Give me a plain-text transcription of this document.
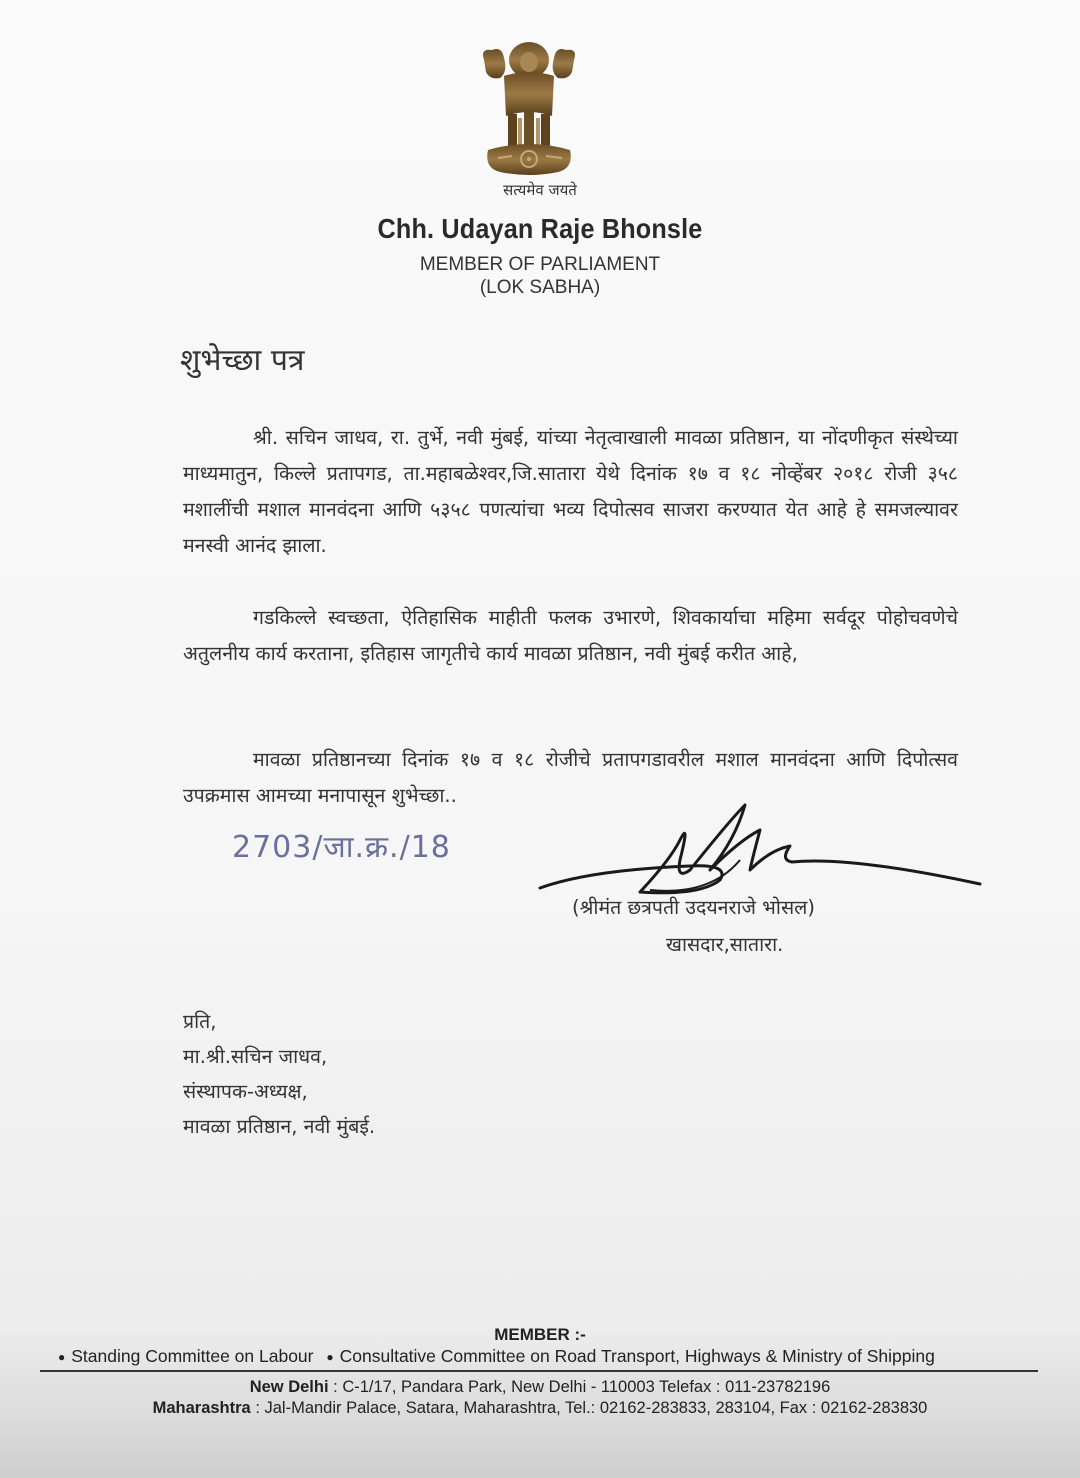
सत्यमेव जयते
Chh. Udayan Raje Bhonsle
MEMBER OF PARLIAMENT
(LOK SABHA)
शुभेच्छा पत्र
श्री. सचिन जाधव, रा. तुर्भे, नवी मुंबई, यांच्या नेतृत्वाखाली मावळा प्रतिष्ठान, या नोंदणीकृत संस्थेच्या माध्यमातुन, किल्ले प्रतापगड, ता.महाबळेश्वर,जि.सातारा येथे दिनांक १७ व १८ नोव्हेंबर २०१८ रोजी ३५८ मशालींची मशाल मानवंदना आणि ५३५८ पणत्यांचा भव्य दिपोत्सव साजरा करण्यात येत आहे हे समजल्यावर मनस्वी आनंद झाला.
गडकिल्ले स्वच्छता, ऐतिहासिक माहीती फलक उभारणे, शिवकार्याचा महिमा सर्वदूर पोहोचवणेचे अतुलनीय कार्य करताना, इतिहास जागृतीचे कार्य मावळा प्रतिष्ठान, नवी मुंबई करीत आहे,
मावळा प्रतिष्ठानच्या दिनांक १७ व १८ रोजीचे प्रतापगडावरील मशाल मानवंदना आणि दिपोत्सव उपक्रमास आमच्या मनापासून शुभेच्छा..
2703/जा.क्र./18
(श्रीमंत छत्रपती उदयनराजे भोसल)
खासदार,सातारा.
प्रति,
मा.श्री.सचिन जाधव,
संस्थापक-अध्यक्ष,
मावळा प्रतिष्ठान, नवी मुंबई.
MEMBER :-
● Standing Committee on Labour ● Consultative Committee on Road Transport, Highways & Ministry of Shipping
New Delhi : C-1/17, Pandara Park, New Delhi - 110003 Telefax : 011-23782196
Maharashtra : Jal-Mandir Palace, Satara, Maharashtra, Tel.: 02162-283833, 283104, Fax : 02162-283830
